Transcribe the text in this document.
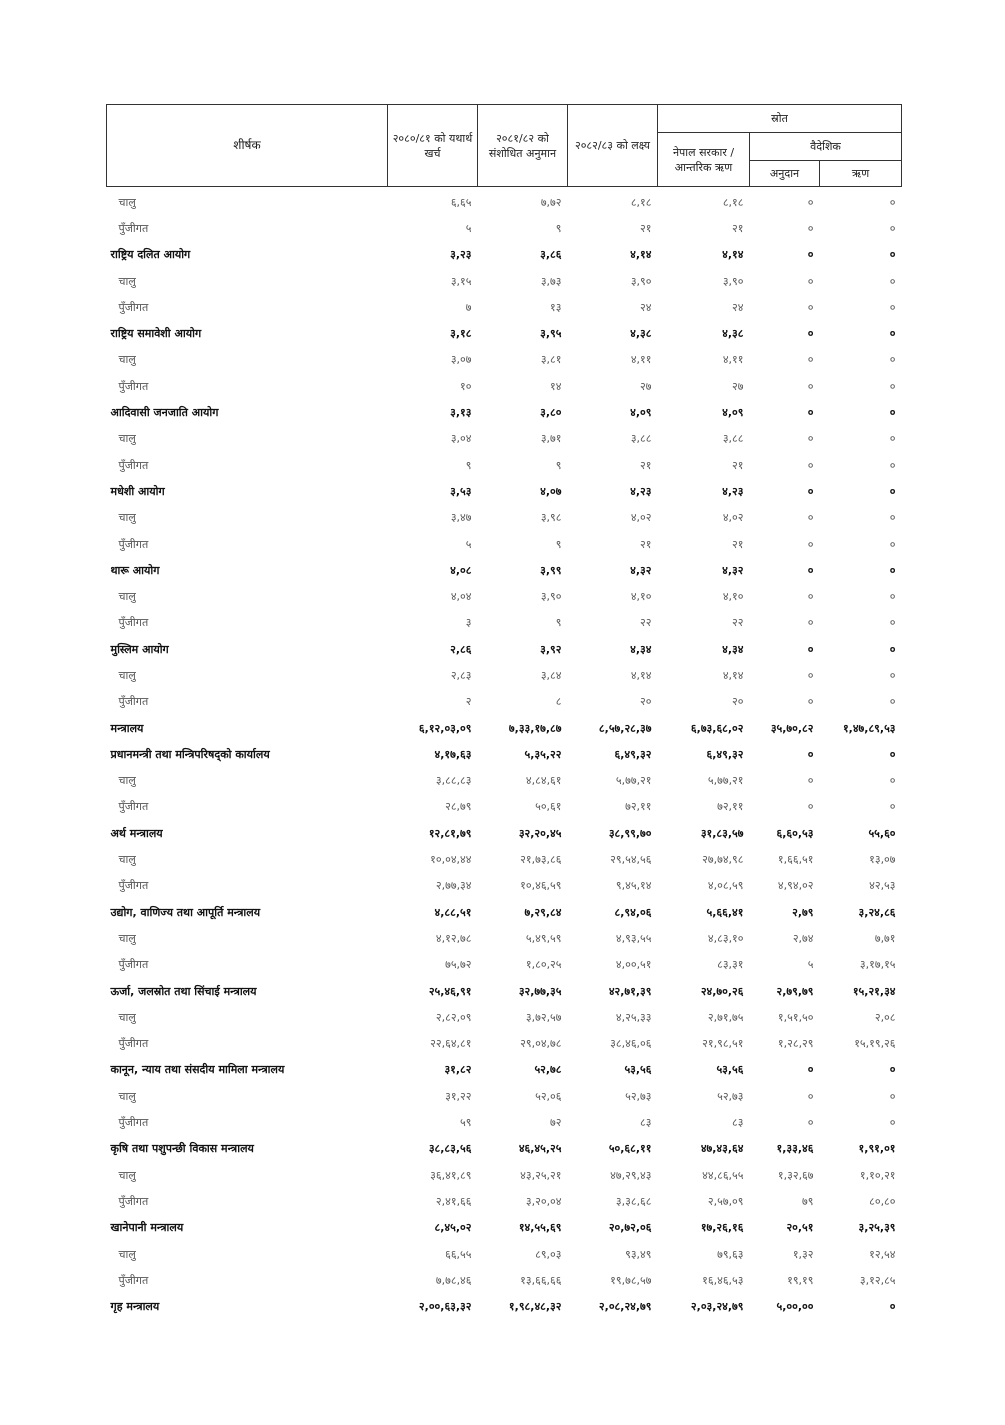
शीर्षक	२०८०/८१ को यथार्थ खर्च	२०८१/८२ को संशोधित अनुमान	२०८२/८३ को लक्ष्य	स्रोत		
				नेपाल सरकार / आन्तरिक ऋण	वैदेशिक	
					अनुदान	ऋण
चालु	६,६५	७,७२	८,१८	८,१८	०	०
पुँजीगत	५	९	२१	२१	०	०
राष्ट्रिय दलित आयोग	३,२३	३,८६	४,१४	४,१४	०	०
चालु	३,१५	३,७३	३,९०	३,९०	०	०
पुँजीगत	७	१३	२४	२४	०	०
राष्ट्रिय समावेशी आयोग	३,१८	३,९५	४,३८	४,३८	०	०
चालु	३,०७	३,८१	४,११	४,११	०	०
पुँजीगत	१०	१४	२७	२७	०	०
आदिवासी जनजाति आयोग	३,१३	३,८०	४,०९	४,०९	०	०
चालु	३,०४	३,७१	३,८८	३,८८	०	०
पुँजीगत	९	९	२१	२१	०	०
मधेशी आयोग	३,५३	४,०७	४,२३	४,२३	०	०
चालु	३,४७	३,९८	४,०२	४,०२	०	०
पुँजीगत	५	९	२१	२१	०	०
थारू आयोग	४,०८	३,९९	४,३२	४,३२	०	०
चालु	४,०४	३,९०	४,१०	४,१०	०	०
पुँजीगत	३	९	२२	२२	०	०
मुस्लिम आयोग	२,८६	३,९२	४,३४	४,३४	०	०
चालु	२,८३	३,८४	४,१४	४,१४	०	०
पुँजीगत	२	८	२०	२०	०	०
मन्त्रालय	६,१२,०३,०९	७,३३,१७,८७	८,५७,२८,३७	६,७३,६८,०२	३५,७०,८२	१,४७,८९,५३
प्रधानमन्त्री तथा मन्त्रिपरिषद्को कार्यालय	४,१७,६३	५,३५,२२	६,४९,३२	६,४९,३२	०	०
चालु	३,८८,८३	४,८४,६१	५,७७,२१	५,७७,२१	०	०
पुँजीगत	२८,७९	५०,६१	७२,११	७२,११	०	०
अर्थ मन्त्रालय	१२,८१,७९	३२,२०,४५	३८,९९,७०	३१,८३,५७	६,६०,५३	५५,६०
चालु	१०,०४,४४	२१,७३,८६	२९,५४,५६	२७,७४,९८	१,६६,५१	१३,०७
पुँजीगत	२,७७,३४	१०,४६,५९	९,४५,१४	४,०८,५९	४,९४,०२	४२,५३
उद्योग, वाणिज्य तथा आपूर्ति मन्त्रालय	४,८८,५१	७,२९,८४	८,९४,०६	५,६६,४१	२,७९	३,२४,८६
चालु	४,१२,७८	५,४९,५९	४,९३,५५	४,८३,१०	२,७४	७,७१
पुँजीगत	७५,७२	१,८०,२५	४,००,५१	८३,३१	५	३,१७,१५
ऊर्जा, जलस्रोत तथा सिंचाई मन्त्रालय	२५,४६,९१	३२,७७,३५	४२,७१,३९	२४,७०,२६	२,७९,७९	१५,२१,३४
चालु	२,८२,०९	३,७२,५७	४,२५,३३	२,७१,७५	१,५१,५०	२,०८
पुँजीगत	२२,६४,८१	२९,०४,७८	३८,४६,०६	२१,९८,५१	१,२८,२९	१५,१९,२६
कानून, न्याय तथा संसदीय मामिला मन्त्रालय	३१,८२	५२,७८	५३,५६	५३,५६	०	०
चालु	३१,२२	५२,०६	५२,७३	५२,७३	०	०
पुँजीगत	५९	७२	८३	८३	०	०
कृषि तथा पशुपन्छी विकास मन्त्रालय	३८,८३,५६	४६,४५,२५	५०,६८,११	४७,४३,६४	१,३३,४६	१,९१,०१
चालु	३६,४१,८९	४३,२५,२१	४७,२९,४३	४४,८६,५५	१,३२,६७	१,१०,२१
पुँजीगत	२,४१,६६	३,२०,०४	३,३८,६८	२,५७,०९	७९	८०,८०
खानेपानी मन्त्रालय	८,४५,०२	१४,५५,६९	२०,७२,०६	१७,२६,१६	२०,५१	३,२५,३९
चालु	६६,५५	८९,०३	९३,४९	७९,६३	१,३२	१२,५४
पुँजीगत	७,७८,४६	१३,६६,६६	१९,७८,५७	१६,४६,५३	१९,१९	३,१२,८५
गृह मन्त्रालय	२,००,६३,३२	१,९८,४८,३२	२,०८,२४,७९	२,०३,२४,७९	५,००,००	०
